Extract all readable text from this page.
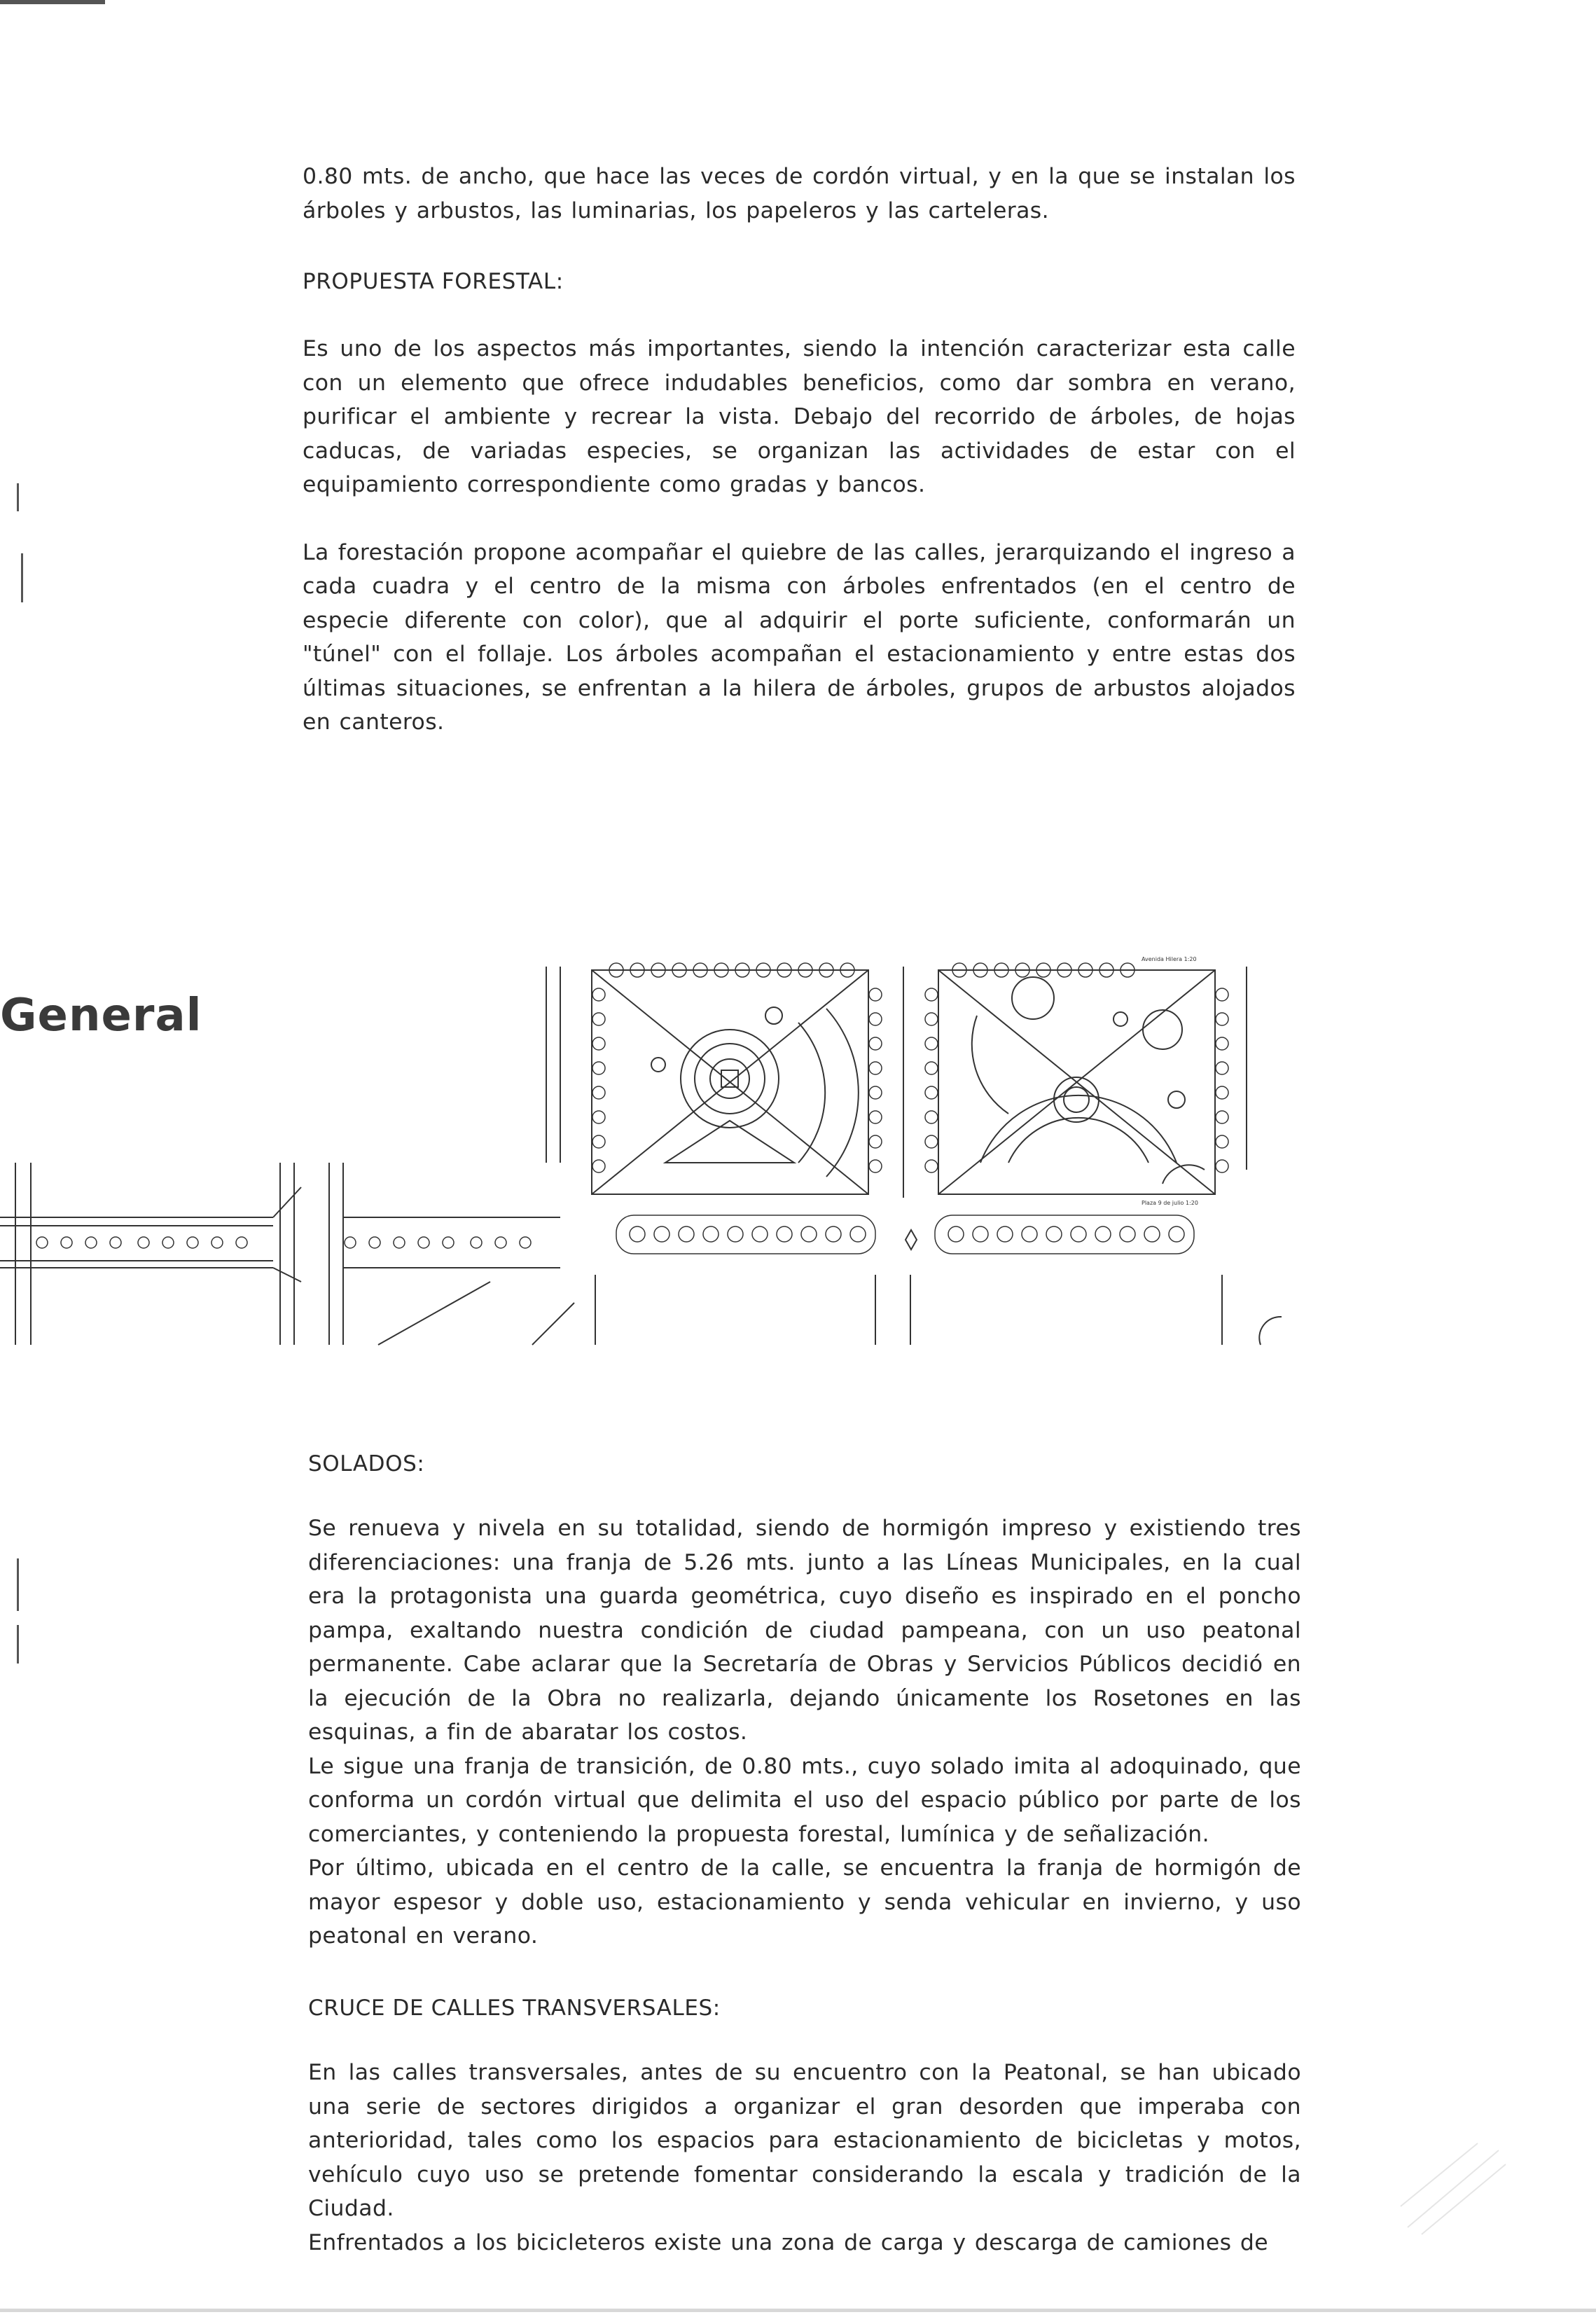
0.80 mts. de ancho, que hace las veces de cordón virtual, y en la que se instalan los árboles y arbustos, las luminarias, los papeleros y las carteleras.

PROPUESTA FORESTAL:

Es uno de los aspectos más importantes, siendo la intención caracterizar esta calle con un elemento que ofrece indudables beneficios, como dar sombra en verano, purificar el ambiente y recrear la vista. Debajo del recorrido de árboles, de hojas caducas, de variadas especies, se organizan las actividades de estar con el equipamiento correspondiente como gradas y bancos.

La forestación propone acompañar el quiebre de las calles, jerarquizando el ingreso a cada cuadra y el centro de la misma con árboles enfrentados (en el centro de especie diferente con color), que al adquirir el porte suficiente, conformarán un "túnel" con el follaje. Los árboles acompañan el estacionamiento y entre estas dos últimas situaciones, se enfrentan a la hilera de árboles, grupos de arbustos alojados en canteros.

General
Avenida Hilera 1:20
Plaza 9 de julio 1:20

SOLADOS:

Se renueva y nivela en su totalidad, siendo de hormigón impreso y existiendo tres diferenciaciones: una franja de 5.26 mts. junto a las Líneas Municipales, en la cual era la protagonista una guarda geométrica, cuyo diseño es inspirado en el poncho pampa, exaltando nuestra condición de ciudad pampeana, con un uso peatonal permanente. Cabe aclarar que la Secretaría de Obras y Servicios Públicos decidió en la ejecución de la Obra no realizarla, dejando únicamente los Rosetones en las esquinas, a fin de abaratar los costos.

Le sigue una franja de transición, de 0.80 mts., cuyo solado imita al adoquinado, que conforma un cordón virtual que delimita el uso del espacio público por parte de los comerciantes, y conteniendo la propuesta forestal, lumínica y de señalización.

Por último, ubicada en el centro de la calle, se encuentra la franja de hormigón de mayor espesor y doble uso, estacionamiento y senda vehicular en invierno, y uso peatonal en verano.

CRUCE DE CALLES TRANSVERSALES:

En las calles transversales, antes de su encuentro con la Peatonal, se han ubicado una serie de sectores dirigidos a organizar el gran desorden que imperaba con anterioridad, tales como los espacios para estacionamiento de bicicletas y motos, vehículo cuyo uso se pretende fomentar considerando la escala y tradición de la Ciudad.

Enfrentados a los bicicleteros existe una zona de carga y descarga de camiones de
